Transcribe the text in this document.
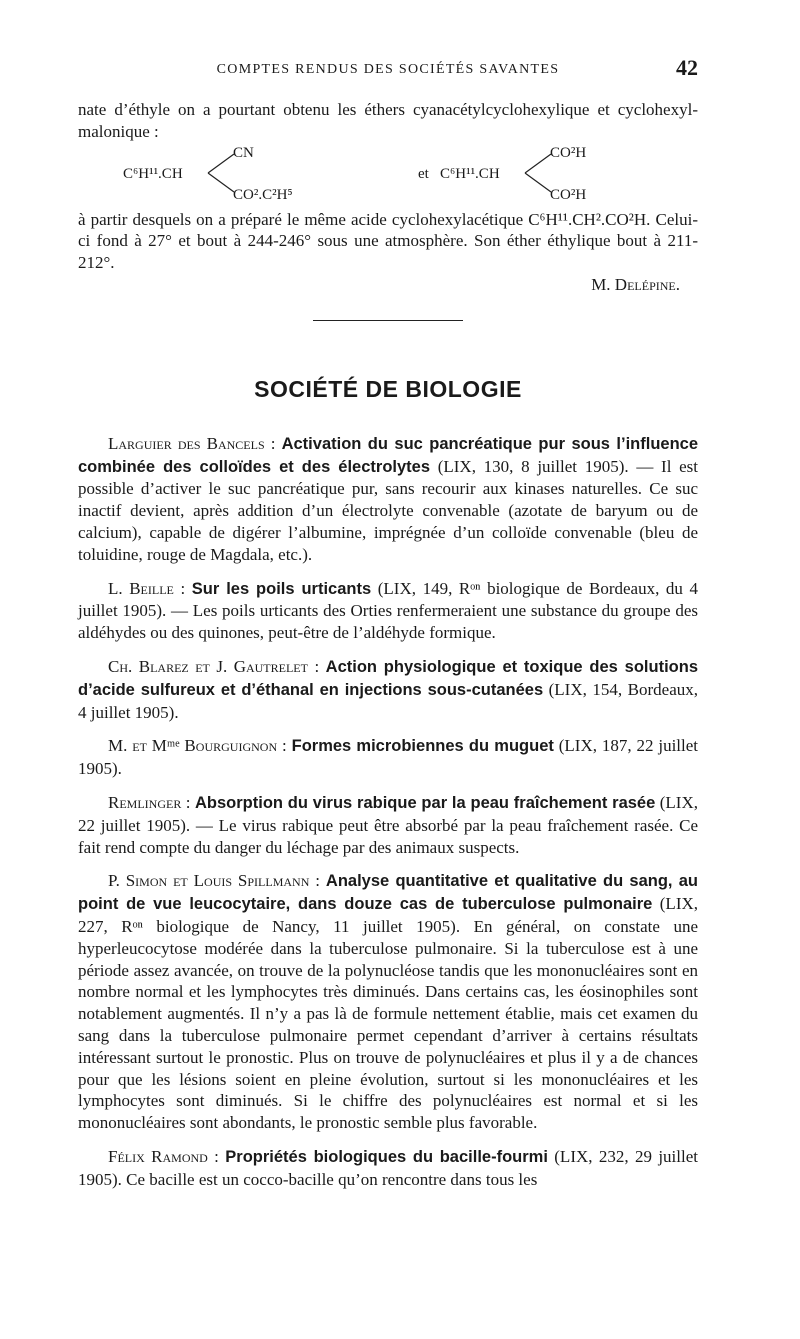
COMPTES RENDUS DES SOCIÉTÉS SAVANTES	42

nate d’éthyle on a pourtant obtenu les éthers cyanacétylcyclohexylique et cyclohexyl-malonique :

C⁶H¹¹.CH
CN
CO².C²H⁵
et C⁶H¹¹.CH
CO²H
CO²H

à partir desquels on a préparé le même acide cyclohexylacétique C⁶H¹¹.CH².CO²H. Celui-ci fond à 27° et bout à 244-246° sous une atmosphère. Son éther éthylique bout à 211-212°.

M. Delépine.

SOCIÉTÉ DE BIOLOGIE

Larguier des Bancels : Activation du suc pancréatique pur sous l’influence combinée des colloïdes et des électrolytes (LIX, 130, 8 juillet 1905). — Il est possible d’activer le suc pancréatique pur, sans recourir aux kinases naturelles. Ce suc inactif devient, après addition d’un électrolyte convenable (azotate de baryum ou de calcium), capable de digérer l’albumine, imprégnée d’un colloïde convenable (bleu de toluidine, rouge de Magdala, etc.).

L. Beille : Sur les poils urticants (LIX, 149, Rᵒⁿ biologique de Bordeaux, du 4 juillet 1905). — Les poils urticants des Orties renfermeraient une substance du groupe des aldéhydes ou des quinones, peut-être de l’aldéhyde formique.

Ch. Blarez et J. Gautrelet : Action physiologique et toxique des solutions d’acide sulfureux et d’éthanal en injections sous-cutanées (LIX, 154, Bordeaux, 4 juillet 1905).

M. et Mᵐᵉ Bourguignon : Formes microbiennes du muguet (LIX, 187, 22 juillet 1905).

Remlinger : Absorption du virus rabique par la peau fraîchement rasée (LIX, 22 juillet 1905). — Le virus rabique peut être absorbé par la peau fraîchement rasée. Ce fait rend compte du danger du léchage par des animaux suspects.

P. Simon et Louis Spillmann : Analyse quantitative et qualitative du sang, au point de vue leucocytaire, dans douze cas de tuberculose pulmonaire (LIX, 227, Rᵒⁿ biologique de Nancy, 11 juillet 1905). En général, on constate une hyperleucocytose modérée dans la tuberculose pulmonaire. Si la tuberculose est à une période assez avancée, on trouve de la polynucléose tandis que les mononucléaires sont en nombre normal et les lymphocytes très diminués. Dans certains cas, les éosinophiles sont notablement augmentés. Il n’y a pas là de formule nettement établie, mais cet examen du sang dans la tuberculose pulmonaire permet cependant d’arriver à certains résultats intéressant surtout le pronostic. Plus on trouve de polynucléaires et plus il y a de chances pour que les lésions soient en pleine évolution, surtout si les mononucléaires et les lymphocytes sont diminués. Si le chiffre des polynucléaires est normal et si les mononucléaires sont abondants, le pronostic semble plus favorable.

Félix Ramond : Propriétés biologiques du bacille-fourmi (LIX, 232, 29 juillet 1905). Ce bacille est un cocco-bacille qu’on rencontre dans tous les
